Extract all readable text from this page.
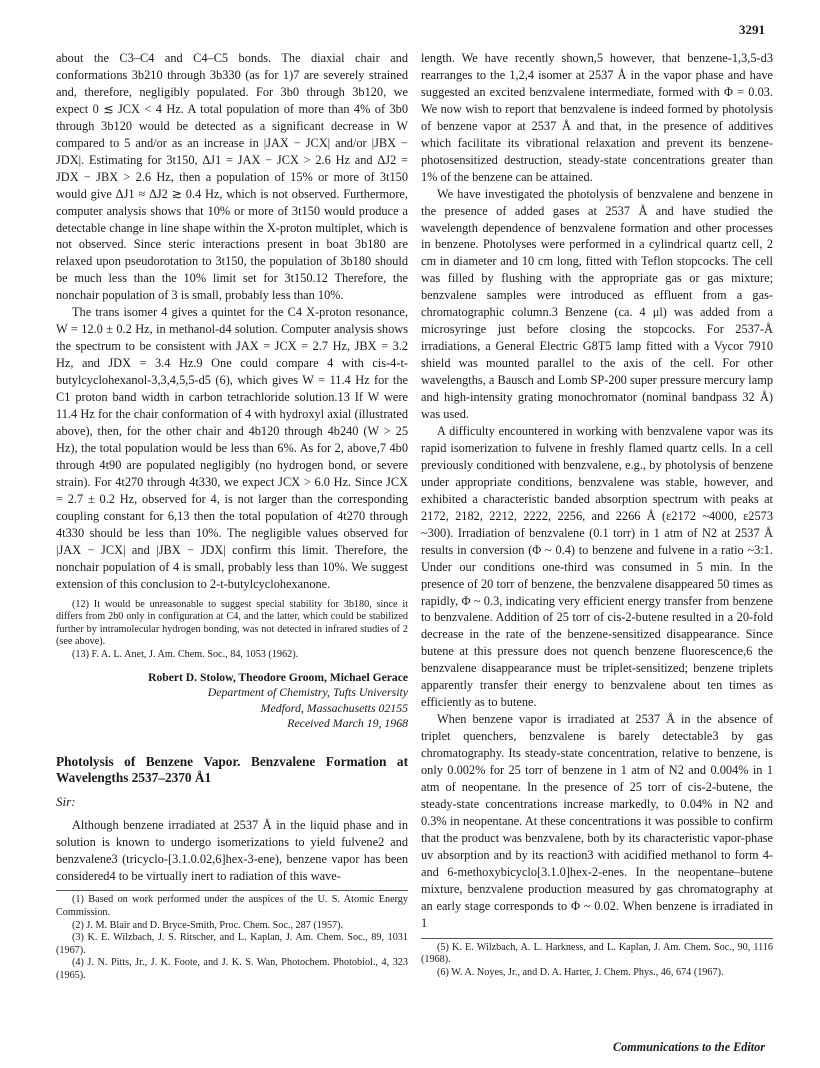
3291

about the C3–C4 and C4–C5 bonds. The diaxial chair and conformations 3b210 through 3b330 (as for 1)7 are severely strained and, therefore, negligibly populated. For 3b0 through 3b120, we expect 0 ≲ JCX < 4 Hz. A total population of more than 4% of 3b0 through 3b120 would be detected as a significant decrease in W compared to 5 and/or as an increase in |JAX − JCX| and/or |JBX − JDX|. Estimating for 3t150, ΔJ1 = JAX − JCX > 2.6 Hz and ΔJ2 = JDX − JBX > 2.6 Hz, then a population of 15% or more of 3t150 would give ΔJ1 ≈ ΔJ2 ≳ 0.4 Hz, which is not observed. Furthermore, computer analysis shows that 10% or more of 3t150 would produce a detectable change in line shape within the X-proton multiplet, which is not observed. Since steric interactions present in boat 3b180 are relaxed upon pseudorotation to 3t150, the population of 3b180 should be much less than the 10% limit set for 3t150.12 Therefore, the nonchair population of 3 is small, probably less than 10%.

The trans isomer 4 gives a quintet for the C4 X-proton resonance, W = 12.0 ± 0.2 Hz, in methanol-d4 solution. Computer analysis shows the spectrum to be consistent with JAX = JCX = 2.7 Hz, JBX = 3.2 Hz, and JDX = 3.4 Hz.9 One could compare 4 with cis-4-t-butylcyclohexanol-3,3,4,5,5-d5 (6), which gives W = 11.4 Hz for the C1 proton band width in carbon tetrachloride solution.13 If W were 11.4 Hz for the chair conformation of 4 with hydroxyl axial (illustrated above), then, for the other chair and 4b120 through 4b240 (W > 25 Hz), the total population would be less than 6%. As for 2, above,7 4b0 through 4t90 are populated negligibly (no hydrogen bond, or severe strain). For 4t270 through 4t330, we expect JCX > 6.0 Hz. Since JCX = 2.7 ± 0.2 Hz, observed for 4, is not larger than the corresponding coupling constant for 6,13 then the total population of 4t270 through 4t330 should be less than 10%. The negligible values observed for |JAX − JCX| and |JBX − JDX| confirm this limit. Therefore, the nonchair population of 4 is small, probably less than 10%. We suggest extension of this conclusion to 2-t-butylcyclohexanone.

(12) It would be unreasonable to suggest special stability for 3b180, since it differs from 2b0 only in configuration at C4, and the latter, which could be stabilized further by intramolecular hydrogen bonding, was not detected in infrared studies of 2 (see above).

(13) F. A. L. Anet, J. Am. Chem. Soc., 84, 1053 (1962).

Robert D. Stolow, Theodore Groom, Michael Gerace
Department of Chemistry, Tufts University
Medford, Massachusetts 02155
Received March 19, 1968
Photolysis of Benzene Vapor. Benzvalene Formation at Wavelengths 2537–2370 Å1
Sir:

Although benzene irradiated at 2537 Å in the liquid phase and in solution is known to undergo isomerizations to yield fulvene2 and benzvalene3 (tricyclo-[3.1.0.02,6]hex-3-ene), benzene vapor has been considered4 to be virtually inert to radiation of this wave-

(1) Based on work performed under the auspices of the U. S. Atomic Energy Commission.

(2) J. M. Blair and D. Bryce-Smith, Proc. Chem. Soc., 287 (1957).

(3) K. E. Wilzbach, J. S. Ritscher, and L. Kaplan, J. Am. Chem. Soc., 89, 1031 (1967).

(4) J. N. Pitts, Jr., J. K. Foote, and J. K. S. Wan, Photochem. Photobiol., 4, 323 (1965).

length. We have recently shown,5 however, that benzene-1,3,5-d3 rearranges to the 1,2,4 isomer at 2537 Å in the vapor phase and have suggested an excited benzvalene intermediate, formed with Φ = 0.03. We now wish to report that benzvalene is indeed formed by photolysis of benzene vapor at 2537 Å and that, in the presence of additives which facilitate its vibrational relaxation and prevent its benzene-photosensitized destruction, steady-state concentrations greater than 1% of the benzene can be attained.

We have investigated the photolysis of benzvalene and benzene in the presence of added gases at 2537 Å and have studied the wavelength dependence of benzvalene formation and other processes in benzene. Photolyses were performed in a cylindrical quartz cell, 2 cm in diameter and 10 cm long, fitted with Teflon stopcocks. The cell was filled by flushing with the appropriate gas or gas mixture; benzvalene samples were introduced as effluent from a gas-chromatographic column.3 Benzene (ca. 4 μl) was added from a microsyringe just before closing the stopcocks. For 2537-Å irradiations, a General Electric G8T5 lamp fitted with a Vycor 7910 shield was mounted parallel to the axis of the cell. For other wavelengths, a Bausch and Lomb SP-200 super pressure mercury lamp and high-intensity grating monochromator (nominal bandpass 32 Å) was used.

A difficulty encountered in working with benzvalene vapor was its rapid isomerization to fulvene in freshly flamed quartz cells. In a cell previously conditioned with benzvalene, e.g., by photolysis of benzene under appropriate conditions, benzvalene was stable, however, and exhibited a characteristic banded absorption spectrum with peaks at 2172, 2182, 2212, 2222, 2256, and 2266 Å (ε2172 ~4000, ε2573 ~300). Irradiation of benzvalene (0.1 torr) in 1 atm of N2 at 2537 Å results in conversion (Φ ~ 0.4) to benzene and fulvene in a ratio ~3:1. Under our conditions one-third was consumed in 5 min. In the presence of 20 torr of benzene, the benzvalene disappeared 50 times as rapidly, Φ ~ 0.3, indicating very efficient energy transfer from benzene to benzvalene. Addition of 25 torr of cis-2-butene resulted in a 20-fold decrease in the rate of the benzene-sensitized disappearance. Since butene at this pressure does not quench benzene fluorescence,6 the benzvalene disappearance must be triplet-sensitized; benzene triplets apparently transfer their energy to benzvalene about ten times as efficiently as to butene.

When benzene vapor is irradiated at 2537 Å in the absence of triplet quenchers, benzvalene is barely detectable3 by gas chromatography. Its steady-state concentration, relative to benzene, is only 0.002% for 25 torr of benzene in 1 atm of N2 and 0.004% in 1 atm of neopentane. In the presence of 25 torr of cis-2-butene, the steady-state concentrations increase markedly, to 0.04% in N2 and 0.3% in neopentane. At these concentrations it was possible to confirm that the product was benzvalene, both by its characteristic vapor-phase uv absorption and by its reaction3 with acidified methanol to form 4- and 6-methoxybicyclo[3.1.0]hex-2-enes. In the neopentane–butene mixture, benzvalene production measured by gas chromatography at an early stage corresponds to Φ ~ 0.02. When benzene is irradiated in 1

(5) K. E. Wilzbach, A. L. Harkness, and L. Kaplan, J. Am. Chem. Soc., 90, 1116 (1968).

(6) W. A. Noyes, Jr., and D. A. Harter, J. Chem. Phys., 46, 674 (1967).

Communications to the Editor
